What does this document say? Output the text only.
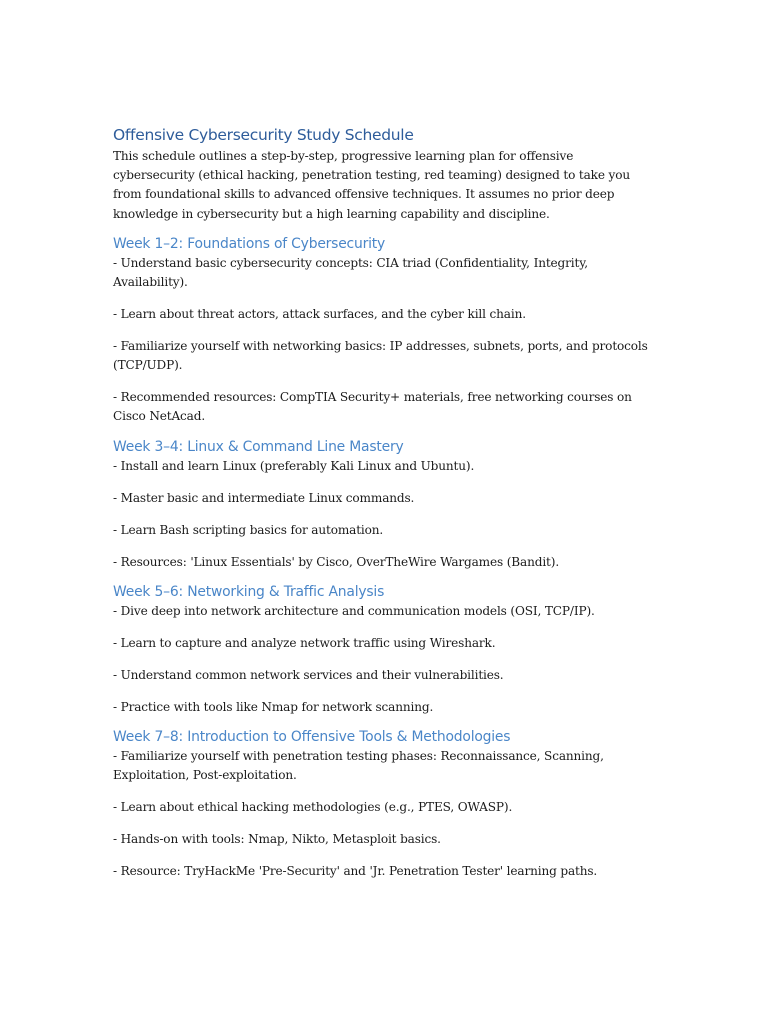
Offensive Cybersecurity Study Schedule

This schedule outlines a step-by-step, progressive learning plan for offensive cybersecurity (ethical hacking, penetration testing, red teaming) designed to take you from foundational skills to advanced offensive techniques. It assumes no prior deep knowledge in cybersecurity but a high learning capability and discipline.

Week 1–2: Foundations of Cybersecurity
- Understand basic cybersecurity concepts: CIA triad (Confidentiality, Integrity, Availability).
- Learn about threat actors, attack surfaces, and the cyber kill chain.
- Familiarize yourself with networking basics: IP addresses, subnets, ports, and protocols (TCP/UDP).
- Recommended resources: CompTIA Security+ materials, free networking courses on Cisco NetAcad.
Week 3–4: Linux & Command Line Mastery
- Install and learn Linux (preferably Kali Linux and Ubuntu).
- Master basic and intermediate Linux commands.
- Learn Bash scripting basics for automation.
- Resources: 'Linux Essentials' by Cisco, OverTheWire Wargames (Bandit).
Week 5–6: Networking & Traffic Analysis
- Dive deep into network architecture and communication models (OSI, TCP/IP).
- Learn to capture and analyze network traffic using Wireshark.
- Understand common network services and their vulnerabilities.
- Practice with tools like Nmap for network scanning.
Week 7–8: Introduction to Offensive Tools & Methodologies
- Familiarize yourself with penetration testing phases: Reconnaissance, Scanning, Exploitation, Post-exploitation.
- Learn about ethical hacking methodologies (e.g., PTES, OWASP).
- Hands-on with tools: Nmap, Nikto, Metasploit basics.
- Resource: TryHackMe 'Pre-Security' and 'Jr. Penetration Tester' learning paths.
